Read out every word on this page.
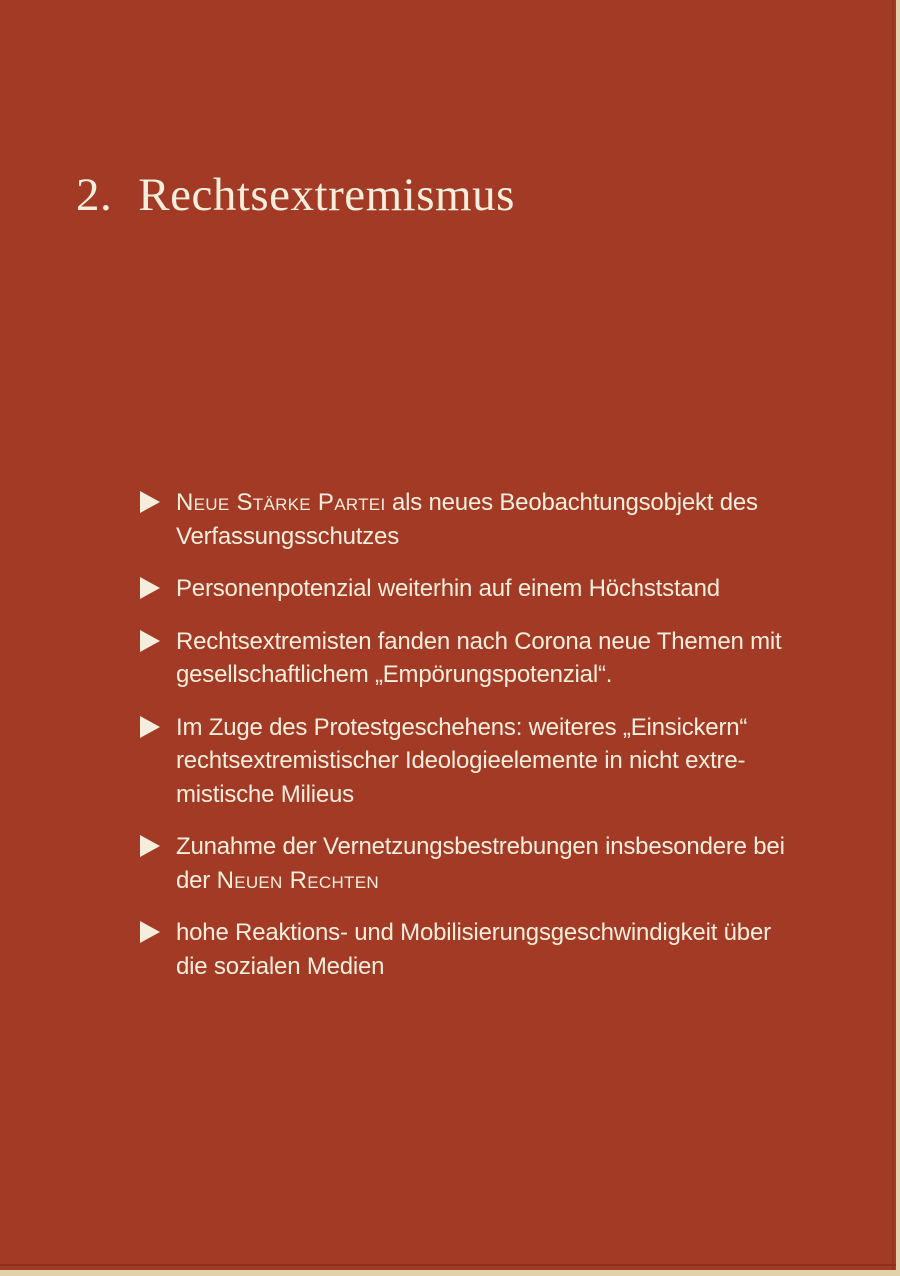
2. Rechtsextremismus
Neue Stärke Partei als neues Beobachtungsobjekt des
Verfassungsschutzes
Personenpotenzial weiterhin auf einem Höchststand
Rechtsextremisten fanden nach Corona neue Themen mit
gesellschaftlichem „Empörungspotenzial“.
Im Zuge des Protestgeschehens: weiteres „Einsickern“
rechtsextremistischer Ideologieelemente in nicht extre-
mistische Milieus
Zunahme der Vernetzungsbestrebungen insbesondere bei
der Neuen Rechten
hohe Reaktions- und Mobilisierungsgeschwindigkeit über
die sozialen Medien
